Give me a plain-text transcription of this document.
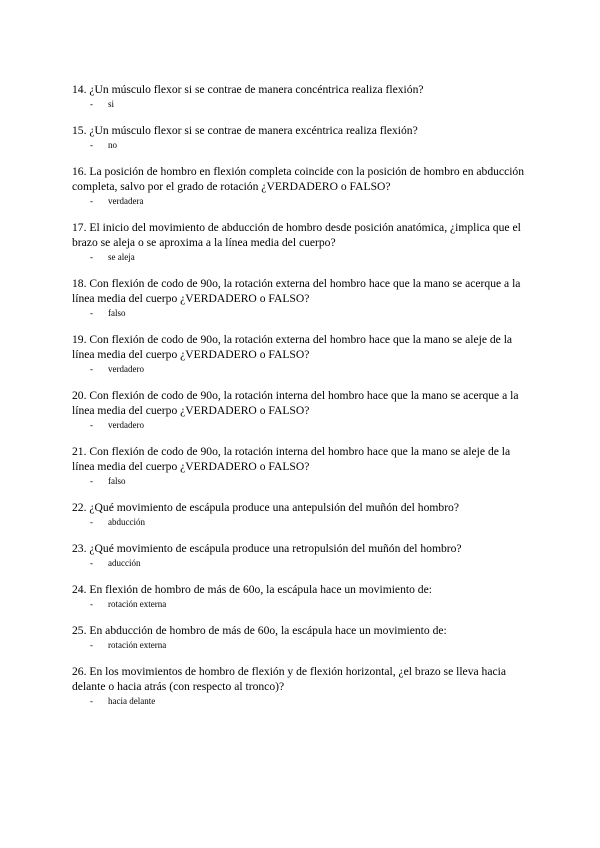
14. ¿Un músculo flexor si se contrae de manera concéntrica realiza flexión?

- si

15. ¿Un músculo flexor si se contrae de manera excéntrica realiza flexión?

- no

16. La posición de hombro en flexión completa coincide con la posición de hombro en abducción completa, salvo por el grado de rotación ¿VERDADERO o FALSO?

- verdadera

17. El inicio del movimiento de abducción de hombro desde posición anatómica, ¿implica que el brazo se aleja o se aproxima a la línea media del cuerpo?

- se aleja

18. Con flexión de codo de 90o, la rotación externa del hombro hace que la mano se acerque a la línea media del cuerpo ¿VERDADERO o FALSO?

- falso

19. Con flexión de codo de 90o, la rotación externa del hombro hace que la mano se aleje de la línea media del cuerpo ¿VERDADERO o FALSO?

- verdadero

20. Con flexión de codo de 90o, la rotación interna del hombro hace que la mano se acerque a la línea media del cuerpo ¿VERDADERO o FALSO?

- verdadero

21. Con flexión de codo de 90o, la rotación interna del hombro hace que la mano se aleje de la línea media del cuerpo ¿VERDADERO o FALSO?

- falso

22. ¿Qué movimiento de escápula produce una antepulsión del muñón del hombro?

- abducción

23. ¿Qué movimiento de escápula produce una retropulsión del muñón del hombro?

- aducción

24. En flexión de hombro de más de 60o, la escápula hace un movimiento de:

- rotación externa

25. En abducción de hombro de más de 60o, la escápula hace un movimiento de:

- rotación externa

26. En los movimientos de hombro de flexión y de flexión horizontal, ¿el brazo se lleva hacia delante o hacia atrás (con respecto al tronco)?

- hacia delante
